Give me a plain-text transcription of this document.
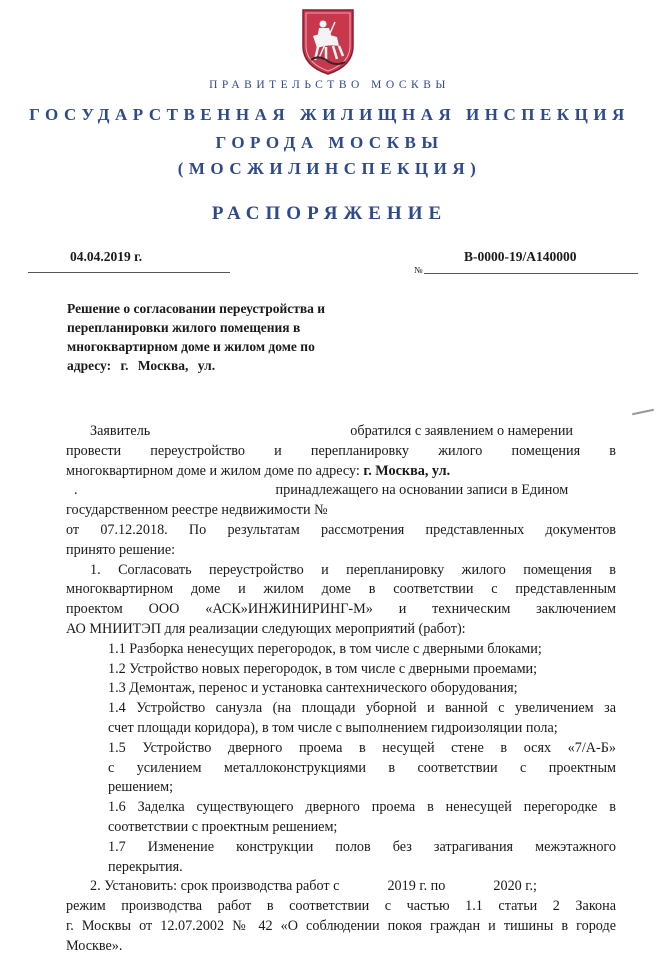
ПРАВИТЕЛЬСТВО МОСКВЫ
ГОСУДАРСТВЕННАЯ ЖИЛИЩНАЯ ИНСПЕКЦИЯ
ГОРОДА МОСКВЫ
(МОСЖИЛИНСПЕКЦИЯ)
РАСПОРЯЖЕНИЕ
04.04.2019 г.
№
В-0000-19/А140000
Решение о согласовании переустройства и
перепланировки жилого помещения в
многоквартирном доме и жилом доме по
адресу: г. Москва, ул.
Заявитель	обратился с заявлением о намерении
провести переустройство и перепланировку жилого помещения в
многоквартирном доме и жилом доме по адресу: г. Москва, ул.
.	принадлежащего на основании записи в Едином
государственном реестре недвижимости №
от 07.12.2018. По результатам рассмотрения представленных документов
принято решение:
1. Согласовать переустройство и перепланировку жилого помещения в
многоквартирном доме и жилом доме в соответствии с представленным
проектом ООО «АСК»ИНЖИНИРИНГ-М» и техническим заключением
АО МНИИТЭП для реализации следующих мероприятий (работ):
1.1 Разборка ненесущих перегородок, в том числе с дверными блоками;
1.2 Устройство новых перегородок, в том числе с дверными проемами;
1.3 Демонтаж, перенос и установка сантехнического оборудования;
1.4 Устройство санузла (на площади уборной и ванной с увеличением за
счет площади коридора), в том числе с выполнением гидроизоляции пола;
1.5 Устройство дверного проема в несущей стене в осях «7/А-Б»
с усилением металлоконструкциями в соответствии с проектным
решением;
1.6 Заделка существующего дверного проема в ненесущей перегородке в
соответствии с проектным решением;
1.7 Изменение конструкции полов без затрагивания межэтажного
перекрытия.
2. Установить: срок производства работ с	2019 г. по	2020 г.;
режим производства работ в соответствии с частью 1.1 статьи 2 Закона
г. Москвы от 12.07.2002 № 42 «О соблюдении покоя граждан и тишины в городе
Москве».
